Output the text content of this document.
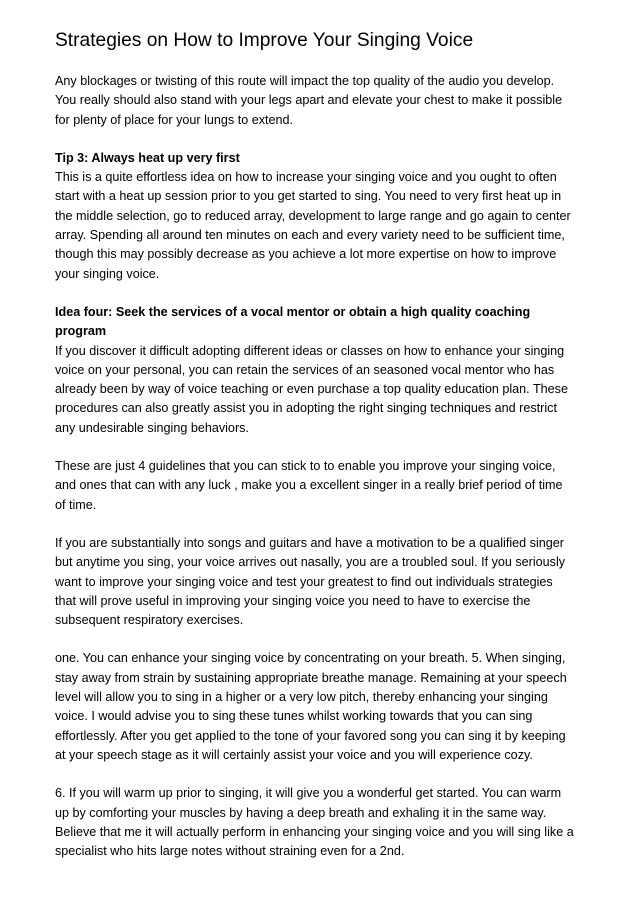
Strategies on How to Improve Your Singing Voice
Any blockages or twisting of this route will impact the top quality of the audio you develop.
You really should also stand with your legs apart and elevate your chest to make it possible
for plenty of place for your lungs to extend.
Tip 3: Always heat up very first
This is a quite effortless idea on how to increase your singing voice and you ought to often
start with a heat up session prior to you get started to sing. You need to very first heat up in
the middle selection, go to reduced array, development to large range and go again to center
array. Spending all around ten minutes on each and every variety need to be sufficient time,
though this may possibly decrease as you achieve a lot more expertise on how to improve
your singing voice.
Idea four: Seek the services of a vocal mentor or obtain a high quality coaching
program
If you discover it difficult adopting different ideas or classes on how to enhance your singing
voice on your personal, you can retain the services of an seasoned vocal mentor who has
already been by way of voice teaching or even purchase a top quality education plan. These
procedures can also greatly assist you in adopting the right singing techniques and restrict
any undesirable singing behaviors.
These are just 4 guidelines that you can stick to to enable you improve your singing voice,
and ones that can with any luck , make you a excellent singer in a really brief period of time
of time.
If you are substantially into songs and guitars and have a motivation to be a qualified singer
but anytime you sing, your voice arrives out nasally, you are a troubled soul. If you seriously
want to improve your singing voice and test your greatest to find out individuals strategies
that will prove useful in improving your singing voice you need to have to exercise the
subsequent respiratory exercises.
one. You can enhance your singing voice by concentrating on your breath. 5. When singing,
stay away from strain by sustaining appropriate breathe manage. Remaining at your speech
level will allow you to sing in a higher or a very low pitch, thereby enhancing your singing
voice. I would advise you to sing these tunes whilst working towards that you can sing
effortlessly. After you get applied to the tone of your favored song you can sing it by keeping
at your speech stage as it will certainly assist your voice and you will experience cozy.
6. If you will warm up prior to singing, it will give you a wonderful get started. You can warm
up by comforting your muscles by having a deep breath and exhaling it in the same way.
Believe that me it will actually perform in enhancing your singing voice and you will sing like a
specialist who hits large notes without straining even for a 2nd.
